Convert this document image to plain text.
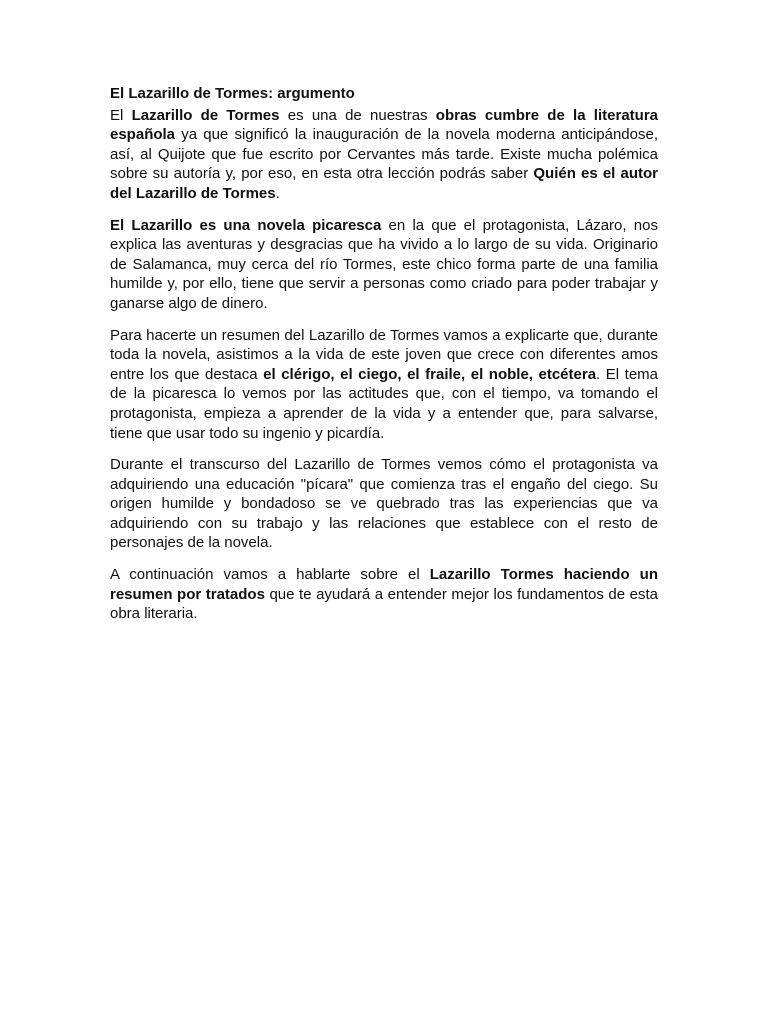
El Lazarillo de Tormes: argumento

El Lazarillo de Tormes es una de nuestras obras cumbre de la literatura española ya que significó la inauguración de la novela moderna anticipándose, así, al Quijote que fue escrito por Cervantes más tarde. Existe mucha polémica sobre su autoría y, por eso, en esta otra lección podrás saber Quién es el autor del Lazarillo de Tormes.

El Lazarillo es una novela picaresca en la que el protagonista, Lázaro, nos explica las aventuras y desgracias que ha vivido a lo largo de su vida. Originario de Salamanca, muy cerca del río Tormes, este chico forma parte de una familia humilde y, por ello, tiene que servir a personas como criado para poder trabajar y ganarse algo de dinero.

Para hacerte un resumen del Lazarillo de Tormes vamos a explicarte que, durante toda la novela, asistimos a la vida de este joven que crece con diferentes amos entre los que destaca el clérigo, el ciego, el fraile, el noble, etcétera. El tema de la picaresca lo vemos por las actitudes que, con el tiempo, va tomando el protagonista, empieza a aprender de la vida y a entender que, para salvarse, tiene que usar todo su ingenio y picardía.

Durante el transcurso del Lazarillo de Tormes vemos cómo el protagonista va adquiriendo una educación "pícara" que comienza tras el engaño del ciego. Su origen humilde y bondadoso se ve quebrado tras las experiencias que va adquiriendo con su trabajo y las relaciones que establece con el resto de personajes de la novela.

A continuación vamos a hablarte sobre el Lazarillo Tormes haciendo un resumen por tratados que te ayudará a entender mejor los fundamentos de esta obra literaria.
